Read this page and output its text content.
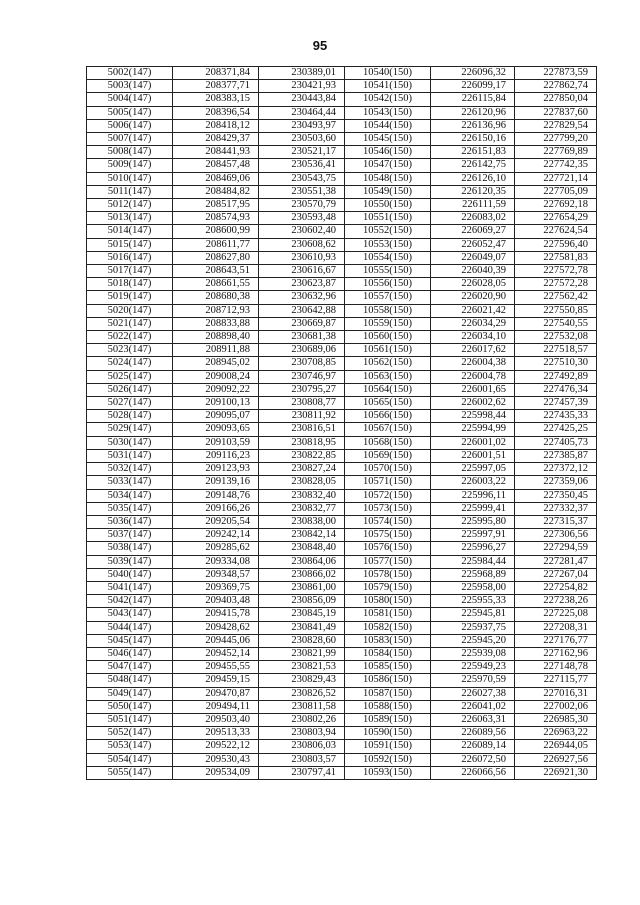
95
5002(147)	208371,84	230389,01	10540(150)	226096,32	227873,59
5003(147)	208377,71	230421,93	10541(150)	226099,17	227862,74
5004(147)	208383,15	230443,84	10542(150)	226115,84	227850,04
5005(147)	208396,54	230464,44	10543(150)	226120,96	227837,60
5006(147)	208418,12	230493,97	10544(150)	226136,96	227829,54
5007(147)	208429,37	230503,60	10545(150)	226150,16	227799,20
5008(147)	208441,93	230521,17	10546(150)	226151,83	227769,89
5009(147)	208457,48	230536,41	10547(150)	226142,75	227742,35
5010(147)	208469,06	230543,75	10548(150)	226126,10	227721,14
5011(147)	208484,82	230551,38	10549(150)	226120,35	227705,09
5012(147)	208517,95	230570,79	10550(150)	226111,59	227692,18
5013(147)	208574,93	230593,48	10551(150)	226083,02	227654,29
5014(147)	208600,99	230602,40	10552(150)	226069,27	227624,54
5015(147)	208611,77	230608,62	10553(150)	226052,47	227596,40
5016(147)	208627,80	230610,93	10554(150)	226049,07	227581,83
5017(147)	208643,51	230616,67	10555(150)	226040,39	227572,78
5018(147)	208661,55	230623,87	10556(150)	226028,05	227572,28
5019(147)	208680,38	230632,96	10557(150)	226020,90	227562,42
5020(147)	208712,93	230642,88	10558(150)	226021,42	227550,85
5021(147)	208833,88	230669,87	10559(150)	226034,29	227540,55
5022(147)	208898,40	230681,38	10560(150)	226034,10	227532,08
5023(147)	208911,88	230689,06	10561(150)	226017,62	227518,57
5024(147)	208945,02	230708,85	10562(150)	226004,38	227510,30
5025(147)	209008,24	230746,97	10563(150)	226004,78	227492,89
5026(147)	209092,22	230795,27	10564(150)	226001,65	227476,34
5027(147)	209100,13	230808,77	10565(150)	226002,62	227457,39
5028(147)	209095,07	230811,92	10566(150)	225998,44	227435,33
5029(147)	209093,65	230816,51	10567(150)	225994,99	227425,25
5030(147)	209103,59	230818,95	10568(150)	226001,02	227405,73
5031(147)	209116,23	230822,85	10569(150)	226001,51	227385,87
5032(147)	209123,93	230827,24	10570(150)	225997,05	227372,12
5033(147)	209139,16	230828,05	10571(150)	226003,22	227359,06
5034(147)	209148,76	230832,40	10572(150)	225996,11	227350,45
5035(147)	209166,26	230832,77	10573(150)	225999,41	227332,37
5036(147)	209205,54	230838,00	10574(150)	225995,80	227315,37
5037(147)	209242,14	230842,14	10575(150)	225997,91	227306,56
5038(147)	209285,62	230848,40	10576(150)	225996,27	227294,59
5039(147)	209334,08	230864,06	10577(150)	225984,44	227281,47
5040(147)	209348,57	230866,02	10578(150)	225968,89	227267,04
5041(147)	209369,75	230861,00	10579(150)	225958,00	227254,82
5042(147)	209403,48	230856,09	10580(150)	225955,33	227238,26
5043(147)	209415,78	230845,19	10581(150)	225945,81	227225,08
5044(147)	209428,62	230841,49	10582(150)	225937,75	227208,31
5045(147)	209445,06	230828,60	10583(150)	225945,20	227176,77
5046(147)	209452,14	230821,99	10584(150)	225939,08	227162,96
5047(147)	209455,55	230821,53	10585(150)	225949,23	227148,78
5048(147)	209459,15	230829,43	10586(150)	225970,59	227115,77
5049(147)	209470,87	230826,52	10587(150)	226027,38	227016,31
5050(147)	209494,11	230811,58	10588(150)	226041,02	227002,06
5051(147)	209503,40	230802,26	10589(150)	226063,31	226985,30
5052(147)	209513,33	230803,94	10590(150)	226089,56	226963,22
5053(147)	209522,12	230806,03	10591(150)	226089,14	226944,05
5054(147)	209530,43	230803,57	10592(150)	226072,50	226927,56
5055(147)	209534,09	230797,41	10593(150)	226066,56	226921,30
